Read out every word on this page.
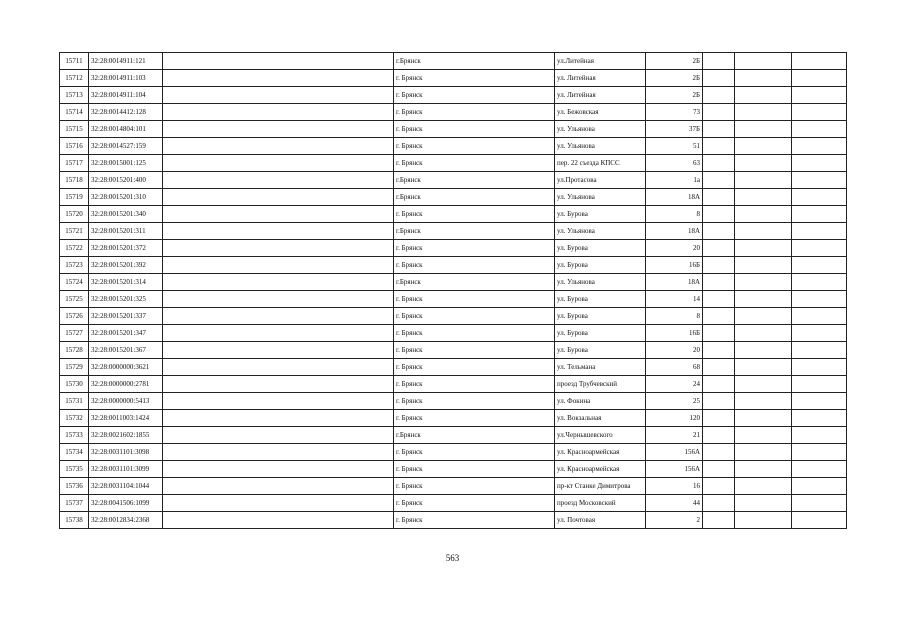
15711	32:28:0014911:121		г.Брянск	ул.Литейная	2Б			
15712	32:28:0014911:103		г. Брянск	ул. Литейная	2Б			
15713	32:28:0014911:104		г. Брянск	ул. Литейная	2Б			
15714	32:28:0014412:128		г. Брянск	ул. Бежовская	73			
15715	32:28:0014804:101		г. Брянск	ул. Ульянова	37Б			
15716	32:28:0014527:159		г. Брянск	ул. Ульянова	51			
15717	32:28:0015001:125		г. Брянск	пер. 22 съезда КПСС	63			
15718	32:28:0015201:400		г.Брянск	ул.Протасова	1а			
15719	32:28:0015201:310		г.Брянск	ул. Ульянова	18А			
15720	32:28:0015201:340		г. Брянск	ул. Бурова	8			
15721	32:28:0015201:311		г.Брянск	ул. Ульянова	18А			
15722	32:28:0015201:372		г. Брянск	ул. Бурова	20			
15723	32:28:0015201:392		г. Брянск	ул. Бурова	16Б			
15724	32:28:0015201:314		г.Брянск	ул. Ульянова	18А			
15725	32:28:0015201:325		г. Брянск	ул. Бурова	14			
15726	32:28:0015201:337		г. Брянск	ул. Бурова	8			
15727	32:28:0015201:347		г. Брянск	ул. Бурова	16Б			
15728	32:28:0015201:367		г. Брянск	ул. Бурова	20			
15729	32:28:0000000:3621		г. Брянск	ул. Тельмана	68			
15730	32:28:0000000:2781		г. Брянск	проезд Трубчевский	24			
15731	32:28:0000000:5413		г. Брянск	ул. Фокина	25			
15732	32:28:0011003:1424		г. Брянск	ул. Вокзальная	120			
15733	32:28:0021602:1855		г.Брянск	ул.Чернышевского	21			
15734	32:28:0031101:3098		г. Брянск	ул. Красноармейская	156А			
15735	32:28:0031101:3099		г. Брянск	ул. Красноармейская	156А			
15736	32:28:0031104:1044		г. Брянск	пр-кт Станке Димитрова	16			
15737	32:28:0041506:1099		г. Брянск	проезд Московский	44			
15738	32:28:0012834:2368		г. Брянск	ул. Почтовая	2			
563
